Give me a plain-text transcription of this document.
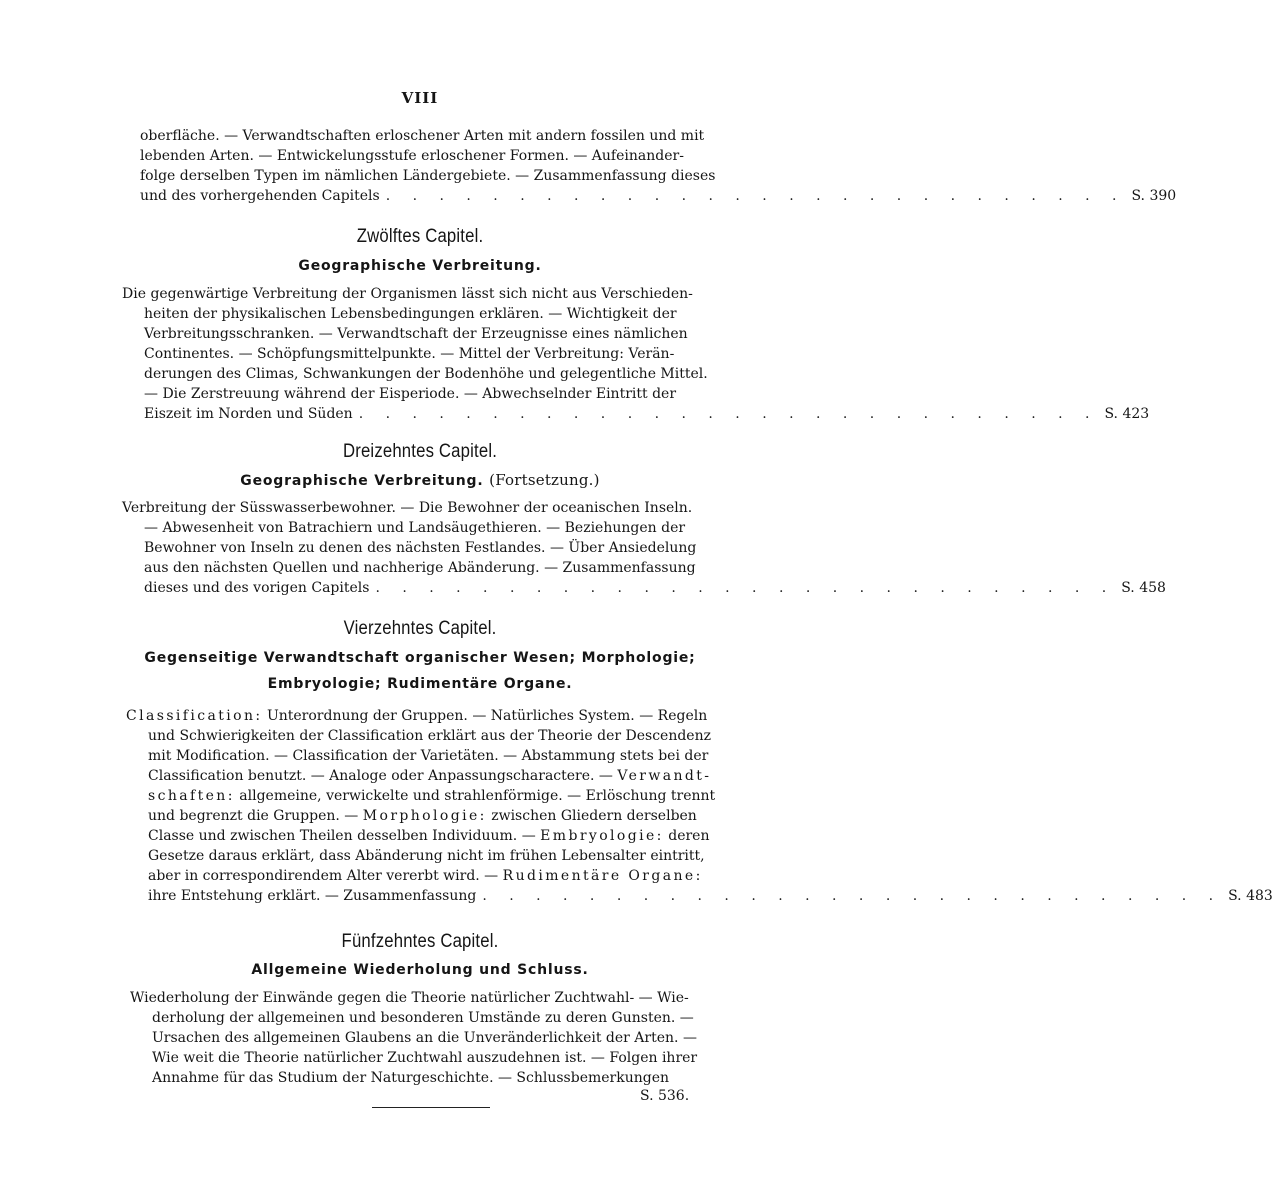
VIII
oberfläche. — Verwandtschaften erloschener Arten mit andern fossilen und mit
lebenden Arten. — Entwickelungsstufe erloschener Formen. — Aufeinander-
folge derselben Typen im nämlichen Ländergebiete. — Zusammenfassung dieses
und des vorhergehenden Capitels . . . . . . . . . . . . . . . . . . . . . . . . . . . . S. 390
Zwölftes Capitel.
Geographische Verbreitung.
Die gegenwärtige Verbreitung der Organismen lässt sich nicht aus Verschieden-
heiten der physikalischen Lebensbedingungen erklären. — Wichtigkeit der
Verbreitungsschranken. — Verwandtschaft der Erzeugnisse eines nämlichen
Continentes. — Schöpfungsmittelpunkte. — Mittel der Verbreitung: Verän-
derungen des Climas, Schwankungen der Bodenhöhe und gelegentliche Mittel.
— Die Zerstreuung während der Eisperiode. — Abwechselnder Eintritt der
Eiszeit im Norden und Süden . . . . . . . . . . . . . . . . . . . . . . . . . . . . S. 423
Dreizehntes Capitel.
Geographische Verbreitung. (Fortsetzung.)
Verbreitung der Süsswasserbewohner. — Die Bewohner der oceanischen Inseln.
— Abwesenheit von Batrachiern und Landsäugethieren. — Beziehungen der
Bewohner von Inseln zu denen des nächsten Festlandes. — Über Ansiedelung
aus den nächsten Quellen und nachherige Abänderung. — Zusammenfassung
dieses und des vorigen Capitels . . . . . . . . . . . . . . . . . . . . . . . . . . . . S. 458
Vierzehntes Capitel.
Gegenseitige Verwandtschaft organischer Wesen; Morphologie;
Embryologie; Rudimentäre Organe.
Classification: Unterordnung der Gruppen. — Natürliches System. — Regeln
und Schwierigkeiten der Classification erklärt aus der Theorie der Descendenz
mit Modification. — Classification der Varietäten. — Abstammung stets bei der
Classification benutzt. — Analoge oder Anpassungscharactere. — Verwandt-
schaften: allgemeine, verwickelte und strahlenförmige. — Erlöschung trennt
und begrenzt die Gruppen. — Morphologie: zwischen Gliedern derselben
Classe und zwischen Theilen desselben Individuum. — Embryologie: deren
Gesetze daraus erklärt, dass Abänderung nicht im frühen Lebensalter eintritt,
aber in correspondirendem Alter vererbt wird. — Rudimentäre Organe:
ihre Entstehung erklärt. — Zusammenfassung . . . . . . . . . . . . . . . . . . . . . . . . . . . . S. 483
Fünfzehntes Capitel.
Allgemeine Wiederholung und Schluss.
Wiederholung der Einwände gegen die Theorie natürlicher Zuchtwahl- — Wie-
derholung der allgemeinen und besonderen Umstände zu deren Gunsten. —
Ursachen des allgemeinen Glaubens an die Unveränderlichkeit der Arten. —
Wie weit die Theorie natürlicher Zuchtwahl auszudehnen ist. — Folgen ihrer
Annahme für das Studium der Naturgeschichte. — Schlussbemerkungen
S. 536.
